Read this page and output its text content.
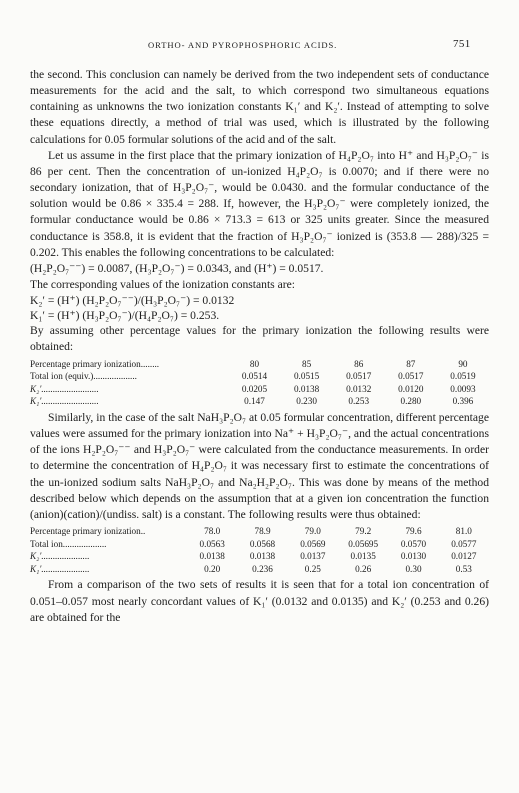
ORTHO- AND PYROPHOSPHORIC ACIDS.	751

the second. This conclusion can namely be derived from the two independent sets of conductance measurements for the acid and the salt, to which correspond two simultaneous equations containing as unknowns the two ionization constants K₁′ and K₂′. Instead of attempting to solve these equations directly, a method of trial was used, which is illustrated by the following calculations for 0.05 formular solutions of the acid and of the salt.

Let us assume in the first place that the primary ionization of H₄P₂O₇ into H⁺ and H₃P₂O₇⁻ is 86 per cent. Then the concentration of un-ionized H₄P₂O₇ is 0.0070; and if there were no secondary ionization, that of H₃P₂O₇⁻, would be 0.0430. and the formular conductance of the solution would be 0.86 × 335.4 = 288. If, however, the H₃P₂O₇⁻ were completely ionized, the formular conductance would be 0.86 × 713.3 = 613 or 325 units greater. Since the measured conductance is 358.8, it is evident that the fraction of H₃P₂O₇⁻ ionized is (353.8 — 288)/325 = 0.202. This enables the following concentrations to be calculated:

(H₂P₂O₇⁻⁻) = 0.0087, (H₃P₂O₇⁻) = 0.0343, and (H⁺) = 0.0517.

The corresponding values of the ionization constants are:

K₂′ = (H⁺) (H₂P₂O₇⁻⁻)/(H₃P₂O₇⁻) = 0.0132

K₁′ = (H⁺) (H₃P₂O₇⁻)/(H₄P₂O₇) = 0.253.

By assuming other percentage values for the primary ionization the following results were obtained:

Percentage primary ionization........	80	85	86	87	90
Total ion (equiv.)...................	0.0514	0.0515	0.0517	0.0517	0.0519
K₂′.........................	0.0205	0.0138	0.0132	0.0120	0.0093
K₁′.........................	0.147	0.230	0.253	0.280	0.396

Similarly, in the case of the salt NaH₃P₂O₇ at 0.05 formular concentration, different percentage values were assumed for the primary ionization into Na⁺ + H₃P₂O₇⁻, and the actual concentrations of the ions H₂P₂O₇⁻⁻ and H₃P₂O₇⁻ were calculated from the conductance measurements. In order to determine the concentration of H₄P₂O₇ it was necessary first to estimate the concentrations of the un-ionized sodium salts NaH₃P₂O₇ and Na₂H₂P₂O₇. This was done by means of the method described below which depends on the assumption that at a given ion concentration the function (anion)(cation)/(undiss. salt) is a constant. The following results were thus obtained:

Percentage primary ionization..	78.0	78.9	79.0	79.2	79.6	81.0
Total ion...................	0.0563	0.0568	0.0569	0.05695	0.0570	0.0577
K₂′.....................	0.0138	0.0138	0.0137	0.0135	0.0130	0.0127
K₁′.....................	0.20	0.236	0.25	0.26	0.30	0.53

From a comparison of the two sets of results it is seen that for a total ion concentration of 0.051–0.057 most nearly concordant values of K₁′ (0.0132 and 0.0135) and K₂′ (0.253 and 0.26) are obtained for the
